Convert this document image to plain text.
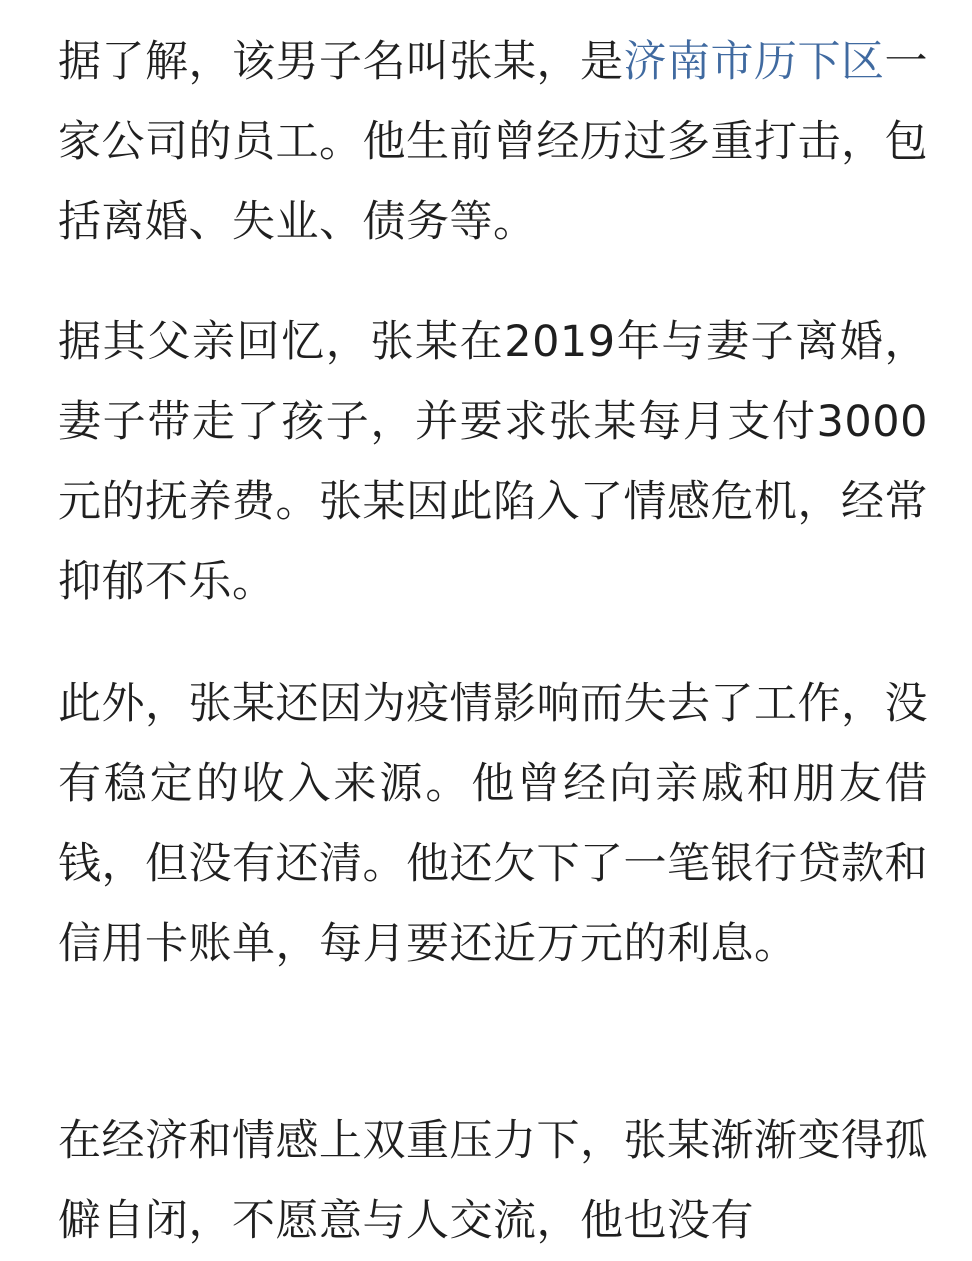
据了解，该男子名叫张某，是济南市历下区一家公司的员工。他生前曾经历过多重打击，包括离婚、失业、债务等。

据其父亲回忆，张某在2019年与妻子离婚，妻子带走了孩子，并要求张某每月支付3000元的抚养费。张某因此陷入了情感危机，经常抑郁不乐。

此外，张某还因为疫情影响而失去了工作，没有稳定的收入来源。他曾经向亲戚和朋友借钱，但没有还清。他还欠下了一笔银行贷款和信用卡账单，每月要还近万元的利息。

在经济和情感上双重压力下，张某渐渐变得孤僻自闭，不愿意与人交流，他也没有
